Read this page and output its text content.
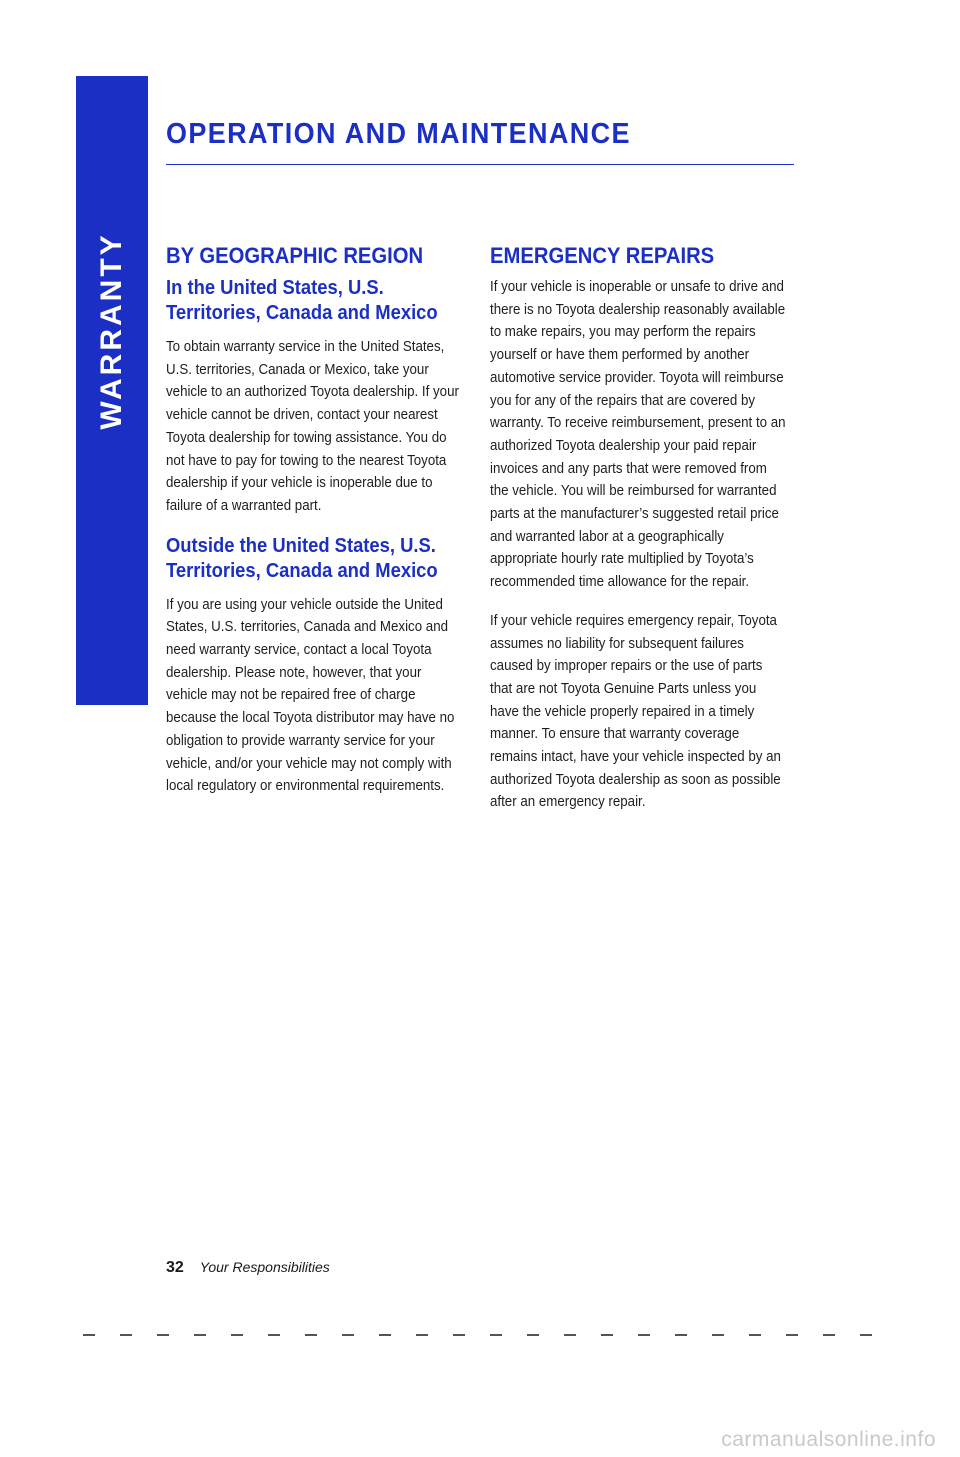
WARRANTY
OPERATION AND MAINTENANCE
BY GEOGRAPHIC REGION
In the United States, U.S. Territories, Canada and Mexico

To obtain warranty service in the United States, U.S. territories, Canada or Mexico, take your vehicle to an authorized Toyota dealership. If your vehicle cannot be driven, contact your nearest Toyota dealership for towing assistance. You do not have to pay for towing to the nearest Toyota dealership if your vehicle is inoperable due to failure of a warranted part.

Outside the United States, U.S. Territories, Canada and Mexico

If you are using your vehicle outside the United States, U.S. territories, Canada and Mexico and need warranty service, contact a local Toyota dealership. Please note, however, that your vehicle may not be repaired free of charge because the local Toyota distributor may have no obligation to provide warranty service for your vehicle, and/or your vehicle may not comply with local regulatory or environmental requirements.

EMERGENCY REPAIRS

If your vehicle is inoperable or unsafe to drive and there is no Toyota dealership reasonably available to make repairs, you may perform the repairs yourself or have them performed by another automotive service provider. Toyota will reimburse you for any of the repairs that are covered by warranty. To receive reimbursement, present to an authorized Toyota dealership your paid repair invoices and any parts that were removed from the vehicle. You will be reimbursed for warranted parts at the manufacturer’s suggested retail price and warranted labor at a geographically appropriate hourly rate multiplied by Toyota’s recommended time allowance for the repair.

If your vehicle requires emergency repair, Toyota assumes no liability for subsequent failures caused by improper repairs or the use of parts that are not Toyota Genuine Parts unless you have the vehicle properly repaired in a timely manner. To ensure that warranty coverage remains intact, have your vehicle inspected by an authorized Toyota dealership as soon as possible after an emergency repair.

32 Your Responsibilities
carmanualsonline.info
